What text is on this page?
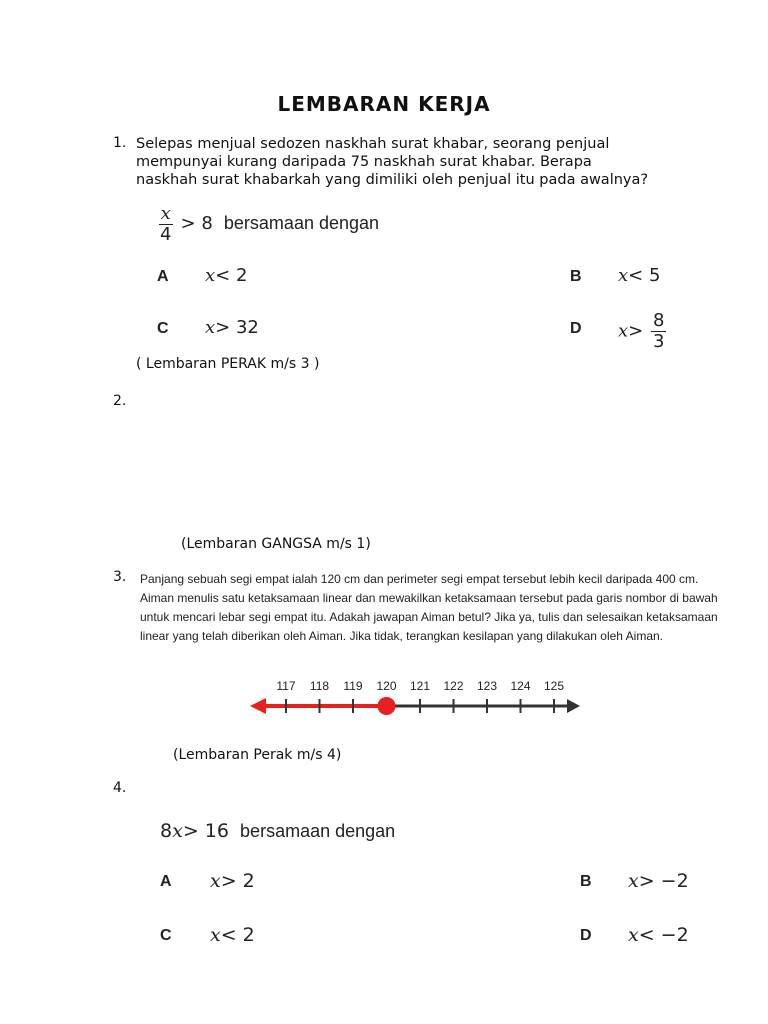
LEMBARAN KERJA
1. Selepas menjual sedozen naskhah surat khabar, seorang penjual mempunyai kurang daripada 75 naskhah surat khabar. Berapa naskhah surat khabarkah yang dimiliki oleh penjual itu pada awalnya?
$\frac{x}{4} > 8$ bersamaan dengan
A x< 2	B x< 5
C x> 32	D $x> \frac{8}{3}$
( Lembaran PERAK m/s 3 )
2.
(Lembaran GANGSA m/s 1)
3. Panjang sebuah segi empat ialah 120 cm dan perimeter segi empat tersebut lebih kecil daripada 400 cm. Aiman menulis satu ketaksamaan linear dan mewakilkan ketaksamaan tersebut pada garis nombor di bawah untuk mencari lebar segi empat itu. Adakah jawapan Aiman betul? Jika ya, tulis dan selesaikan ketaksamaan linear yang telah diberikan oleh Aiman. Jika tidak, terangkan kesilapan yang dilakukan oleh Aiman.
117 118 119 120 121 122 123 124 125
(Lembaran Perak m/s 4)
4.
8x> 16 bersamaan dengan
A x> 2	B x> −2
C x< 2	D x< −2
